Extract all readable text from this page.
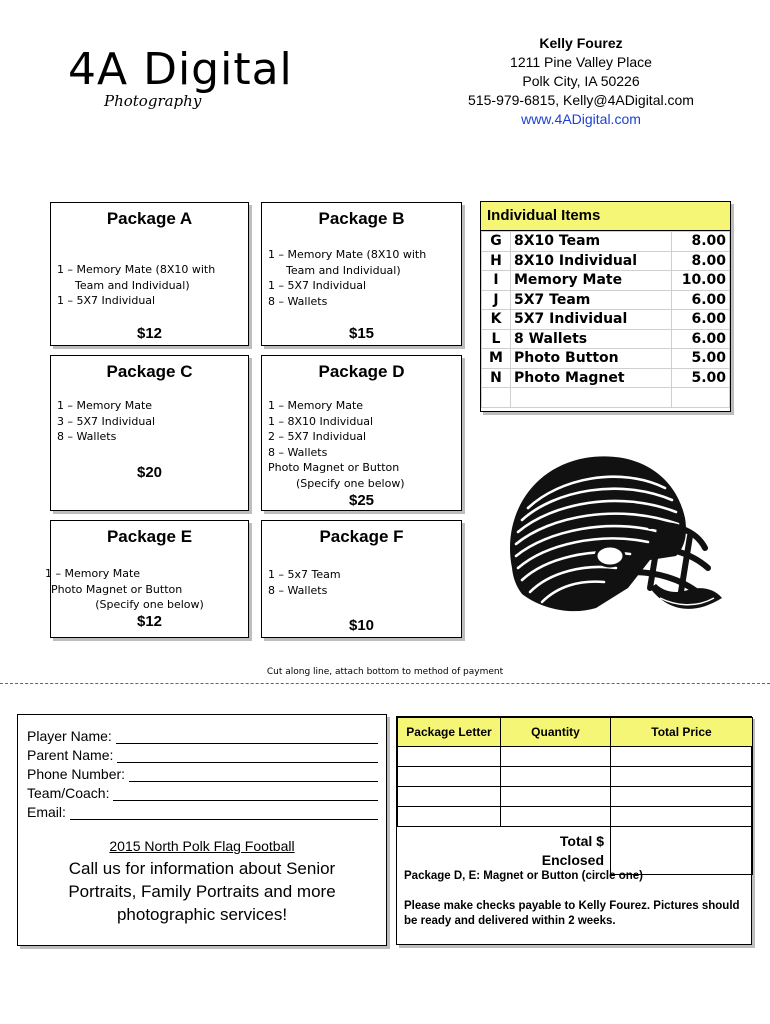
4A Digital
Photography
Kelly Fourez
1211 Pine Valley Place
Polk City, IA 50226
515-979-6815, Kelly@4ADigital.com
www.4ADigital.com
Package A
1 – Memory Mate (8X10 with
Team and Individual)
1 – 5X7 Individual
$12
Package B
1 – Memory Mate (8X10 with
Team and Individual)
1 – 5X7 Individual
8 – Wallets
$15
Package C
1 – Memory Mate
3 – 5X7 Individual
8 – Wallets
$20
Package D
1 – Memory Mate
1 – 8X10 Individual
2 – 5X7 Individual
8 – Wallets
Photo Magnet or Button
(Specify one below)
$25
Package E
1 – Memory Mate
Photo Magnet or Button
(Specify one below)
$12
Package F
1 – 5x7 Team
8 – Wallets
$10
Individual Items
G	8X10 Team	8.00
H	8X10 Individual	8.00
I	Memory Mate	10.00
J	5X7 Team	6.00
K	5X7 Individual	6.00
L	8 Wallets	6.00
M	Photo Button	5.00
N	Photo Magnet	5.00

Cut along line, attach bottom to method of payment
Player Name:
Parent Name:
Phone Number:
Team/Coach:
Email:
2015 North Polk Flag Football
Call us for information about Senior Portraits, Family Portraits and more photographic services!
Package Letter	Quantity	Total Price

Total $
Enclosed		

Package D, E: Magnet or Button (circle one)
Please make checks payable to Kelly Fourez. Pictures should be ready and delivered within 2 weeks.
